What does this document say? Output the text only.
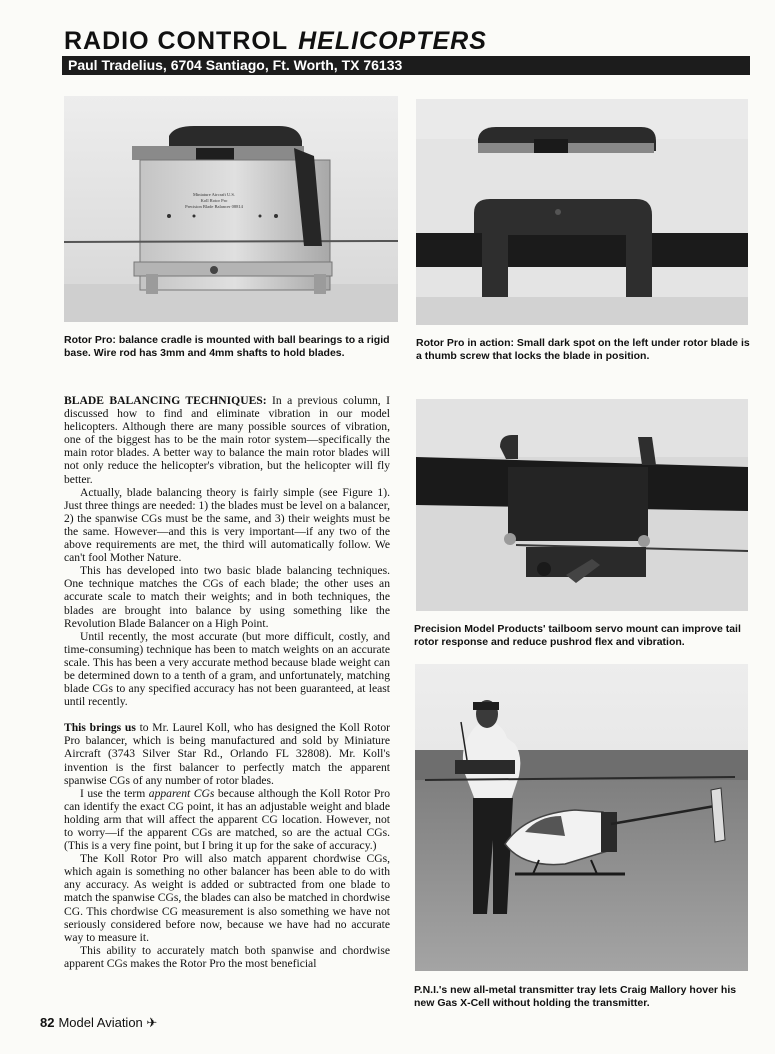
RADIO CONTROL HELICOPTERS
Paul Tradelius, 6704 Santiago, Ft. Worth, TX 76133
Miniature Aircraft U.S.
Koll Rotor Pro
Precision Blade Balancer 08814
Rotor Pro: balance cradle is mounted with ball bearings to a rigid base. Wire rod has 3mm and 4mm shafts to hold blades.
Rotor Pro in action: Small dark spot on the left under rotor blade is a thumb screw that locks the blade in position.

BLADE BALANCING TECHNIQUES: In a previous column, I discussed how to find and eliminate vibration in our model helicopters. Although there are many possible sources of vibration, one of the biggest has to be the main rotor system—specifically the main rotor blades. A better way to balance the main rotor blades will not only reduce the helicopter's vibration, but the helicopter will fly better.

Actually, blade balancing theory is fairly simple (see Figure 1). Just three things are needed: 1) the blades must be level on a balancer, 2) the spanwise CGs must be the same, and 3) their weights must be the same. However—and this is very important—if any two of the above requirements are met, the third will automatically follow. We can't fool Mother Nature.

This has developed into two basic blade balancing techniques. One technique matches the CGs of each blade; the other uses an accurate scale to match their weights; and in both techniques, the blades are brought into balance by using something like the Revolution Blade Balancer on a High Point.

Until recently, the most accurate (but more difficult, costly, and time-consuming) technique has been to match weights on an accurate scale. This has been a very accurate method because blade weight can be determined down to a tenth of a gram, and unfortunately, matching blade CGs to any specified accuracy has not been guaranteed, at least until recently.

This brings us to Mr. Laurel Koll, who has designed the Koll Rotor Pro balancer, which is being manufactured and sold by Miniature Aircraft (3743 Silver Star Rd., Orlando FL 32808). Mr. Koll's invention is the first balancer to perfectly match the apparent spanwise CGs of any number of rotor blades.

I use the term apparent CGs because although the Koll Rotor Pro can identify the exact CG point, it has an adjustable weight and blade holding arm that will affect the apparent CG location. However, not to worry—if the apparent CGs are matched, so are the actual CGs. (This is a very fine point, but I bring it up for the sake of accuracy.)

The Koll Rotor Pro will also match apparent chordwise CGs, which again is something no other balancer has been able to do with any accuracy. As weight is added or subtracted from one blade to match the spanwise CGs, the blades can also be matched in chordwise CG. This chordwise CG measurement is also something we have not seriously considered before now, because we have had no accurate way to measure it.

This ability to accurately match both spanwise and chordwise apparent CGs makes the Rotor Pro the most beneficial

Precision Model Products' tailboom servo mount can improve tail rotor response and reduce pushrod flex and vibration.
P.N.I.'s new all-metal transmitter tray lets Craig Mallory hover his new Gas X-Cell without holding the transmitter.
82 Model Aviation ✈
